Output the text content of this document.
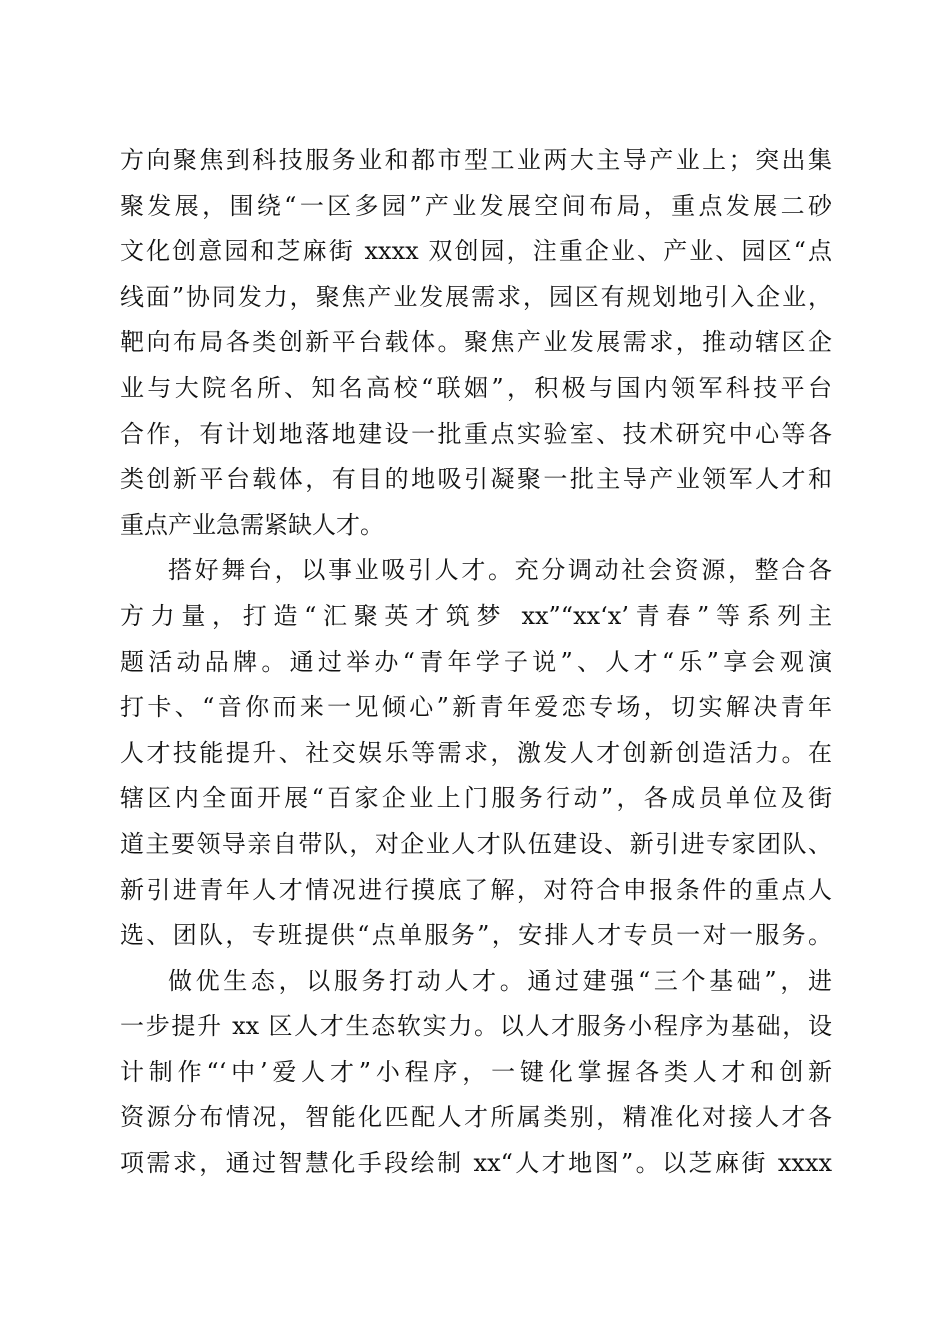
方向聚焦到科技服务业和都市型工业两大主导产业上；突出集
聚发展，围绕“一区多园”产业发展空间布局，重点发展二砂
文化创意园和芝麻街 xxxx 双创园，注重企业、产业、园区“点
线面”协同发力，聚焦产业发展需求，园区有规划地引入企业，
靶向布局各类创新平台载体。聚焦产业发展需求，推动辖区企
业与大院名所、知名高校“联姻”，积极与国内领军科技平台
合作，有计划地落地建设一批重点实验室、技术研究中心等各
类创新平台载体，有目的地吸引凝聚一批主导产业领军人才和
重点产业急需紧缺人才。
搭好舞台，以事业吸引人才。充分调动社会资源，整合各
方力量，打造“汇聚英才筑梦 xx”“xx‘x’青春”等系列主
题活动品牌。通过举办“青年学子说”、人才“乐”享会观演
打卡、“音你而来一见倾心”新青年爱恋专场，切实解决青年
人才技能提升、社交娱乐等需求，激发人才创新创造活力。在
辖区内全面开展“百家企业上门服务行动”，各成员单位及街
道主要领导亲自带队，对企业人才队伍建设、新引进专家团队、
新引进青年人才情况进行摸底了解，对符合申报条件的重点人
选、团队，专班提供“点单服务”，安排人才专员一对一服务。
做优生态，以服务打动人才。通过建强“三个基础”，进
一步提升 xx 区人才生态软实力。以人才服务小程序为基础，设
计制作“‘中’爱人才”小程序，一键化掌握各类人才和创新
资源分布情况，智能化匹配人才所属类别，精准化对接人才各
项需求，通过智慧化手段绘制 xx“人才地图”。以芝麻街 xxxx
